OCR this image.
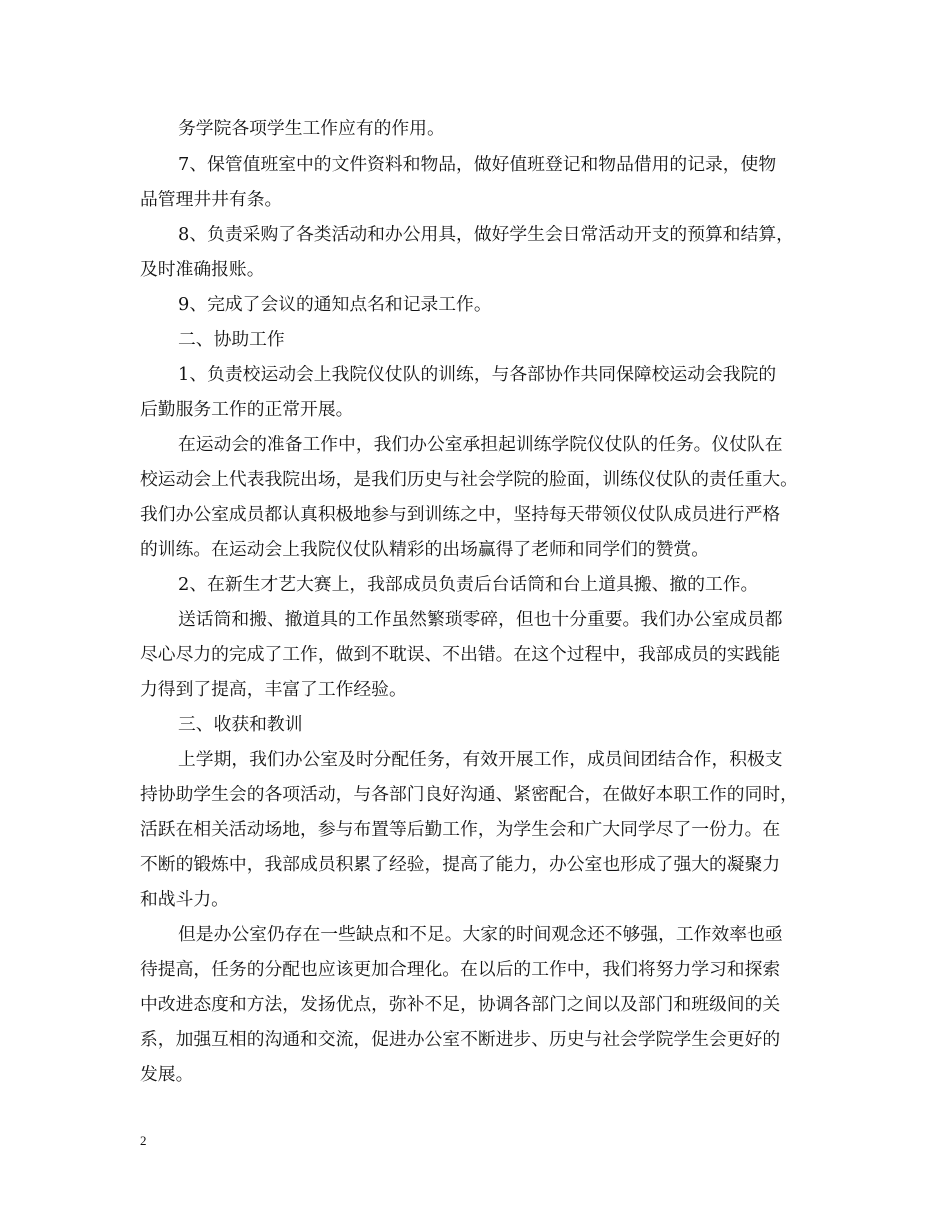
务学院各项学生工作应有的作用。
7、保管值班室中的文件资料和物品，做好值班登记和物品借用的记录，使物
品管理井井有条。
8、负责采购了各类活动和办公用具，做好学生会日常活动开支的预算和结算，
及时准确报账。
9、完成了会议的通知点名和记录工作。
二、协助工作
1、负责校运动会上我院仪仗队的训练，与各部协作共同保障校运动会我院的
后勤服务工作的正常开展。
在运动会的准备工作中，我们办公室承担起训练学院仪仗队的任务。仪仗队在
校运动会上代表我院出场，是我们历史与社会学院的脸面，训练仪仗队的责任重大。
我们办公室成员都认真积极地参与到训练之中，坚持每天带领仪仗队成员进行严格
的训练。在运动会上我院仪仗队精彩的出场赢得了老师和同学们的赞赏。
2、在新生才艺大赛上，我部成员负责后台话筒和台上道具搬、撤的工作。
送话筒和搬、撤道具的工作虽然繁琐零碎，但也十分重要。我们办公室成员都
尽心尽力的完成了工作，做到不耽误、不出错。在这个过程中，我部成员的实践能
力得到了提高，丰富了工作经验。
三、收获和教训
上学期，我们办公室及时分配任务，有效开展工作，成员间团结合作，积极支
持协助学生会的各项活动，与各部门良好沟通、紧密配合，在做好本职工作的同时，
活跃在相关活动场地，参与布置等后勤工作，为学生会和广大同学尽了一份力。在
不断的锻炼中，我部成员积累了经验，提高了能力，办公室也形成了强大的凝聚力
和战斗力。
但是办公室仍存在一些缺点和不足。大家的时间观念还不够强，工作效率也亟
待提高，任务的分配也应该更加合理化。在以后的工作中，我们将努力学习和探索
中改进态度和方法，发扬优点，弥补不足，协调各部门之间以及部门和班级间的关
系，加强互相的沟通和交流，促进办公室不断进步、历史与社会学院学生会更好的
发展。
2
